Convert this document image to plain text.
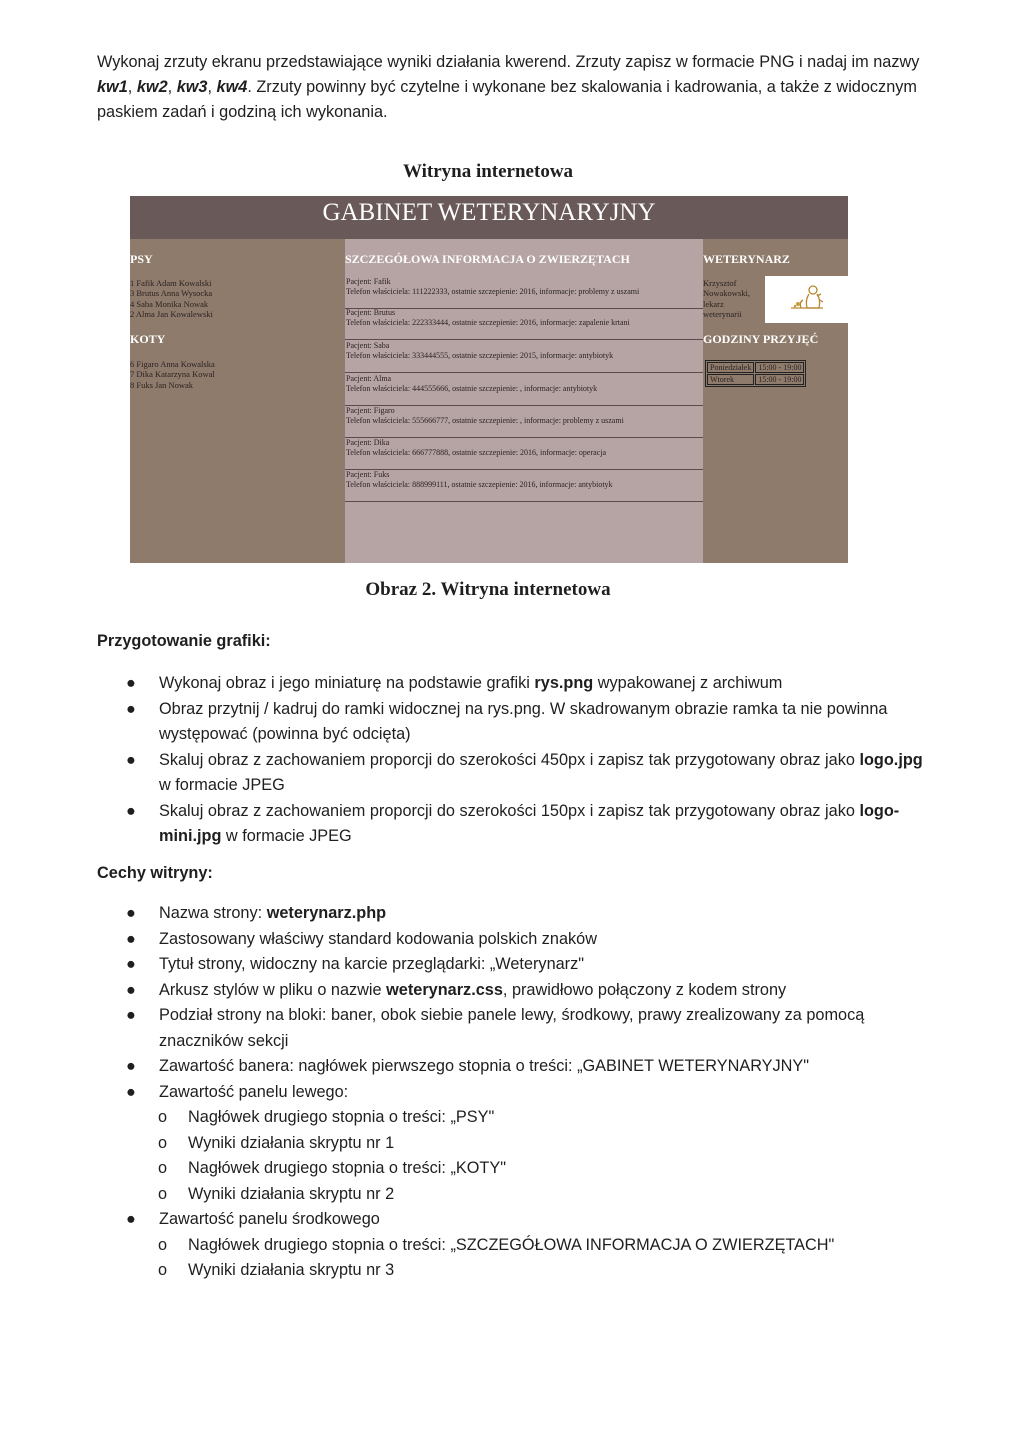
Wykonaj zrzuty ekranu przedstawiające wyniki działania kwerend. Zrzuty zapisz w formacie PNG i nadaj im nazwy kw1, kw2, kw3, kw4. Zrzuty powinny być czytelne i wykonane bez skalowania i kadrowania, a także z widocznym paskiem zadań i godziną ich wykonania.
Witryna internetowa
GABINET WETERYNARYJNY
PSY
1 Fafik Adam Kowalski
3 Brutus Anna Wysocka
4 Saba Monika Nowak
2 Alma Jan Kowalewski
KOTY
6 Figaro Anna Kowalska
7 Dika Katarzyna Kowal
8 Fuks Jan Nowak
SZCZEGÓŁOWA INFORMACJA O ZWIERZĘTACH
Pacjent: Fafik
Telefon właściciela: 111222333, ostatnie szczepienie: 2016, informacje: problemy z uszami
Pacjent: Brutus
Telefon właściciela: 222333444, ostatnie szczepienie: 2016, informacje: zapalenie krtani
Pacjent: Saba
Telefon właściciela: 333444555, ostatnie szczepienie: 2015, informacje: antybiotyk
Pacjent: Alma
Telefon właściciela: 444555666, ostatnie szczepienie: , informacje: antybiotyk
Pacjent: Figaro
Telefon właściciela: 555666777, ostatnie szczepienie: , informacje: problemy z uszami
Pacjent: Dika
Telefon właściciela: 666777888, ostatnie szczepienie: 2016, informacje: operacja
Pacjent: Fuks
Telefon właściciela: 888999111, ostatnie szczepienie: 2016, informacje: antybiotyk
WETERYNARZ
Krzysztof
Nowakowski,
lekarz
weterynarii
GODZINY PRZYJĘĆ
Poniedziałek	15:00 - 19:00
Wtorek	15:00 - 19:00
Obraz 2. Witryna internetowa
Przygotowanie grafiki:
● Wykonaj obraz i jego miniaturę na podstawie grafiki rys.png wypakowanej z archiwum
● Obraz przytnij / kadruj do ramki widocznej na rys.png. W skadrowanym obrazie ramka ta nie powinna występować (powinna być odcięta)
● Skaluj obraz z zachowaniem proporcji do szerokości 450px i zapisz tak przygotowany obraz jako logo.jpg w formacie JPEG
● Skaluj obraz z zachowaniem proporcji do szerokości 150px i zapisz tak przygotowany obraz jako logo-mini.jpg w formacie JPEG
Cechy witryny:
● Nazwa strony: weterynarz.php
● Zastosowany właściwy standard kodowania polskich znaków
● Tytuł strony, widoczny na karcie przeglądarki: „Weterynarz"
● Arkusz stylów w pliku o nazwie weterynarz.css, prawidłowo połączony z kodem strony
● Podział strony na bloki: baner, obok siebie panele lewy, środkowy, prawy zrealizowany za pomocą znaczników sekcji
● Zawartość banera: nagłówek pierwszego stopnia o treści: „GABINET WETERYNARYJNY"
● Zawartość panelu lewego:
o Nagłówek drugiego stopnia o treści: „PSY"
o Wyniki działania skryptu nr 1
o Nagłówek drugiego stopnia o treści: „KOTY"
o Wyniki działania skryptu nr 2
● Zawartość panelu środkowego
o Nagłówek drugiego stopnia o treści: „SZCZEGÓŁOWA INFORMACJA O ZWIERZĘTACH"
o Wyniki działania skryptu nr 3
